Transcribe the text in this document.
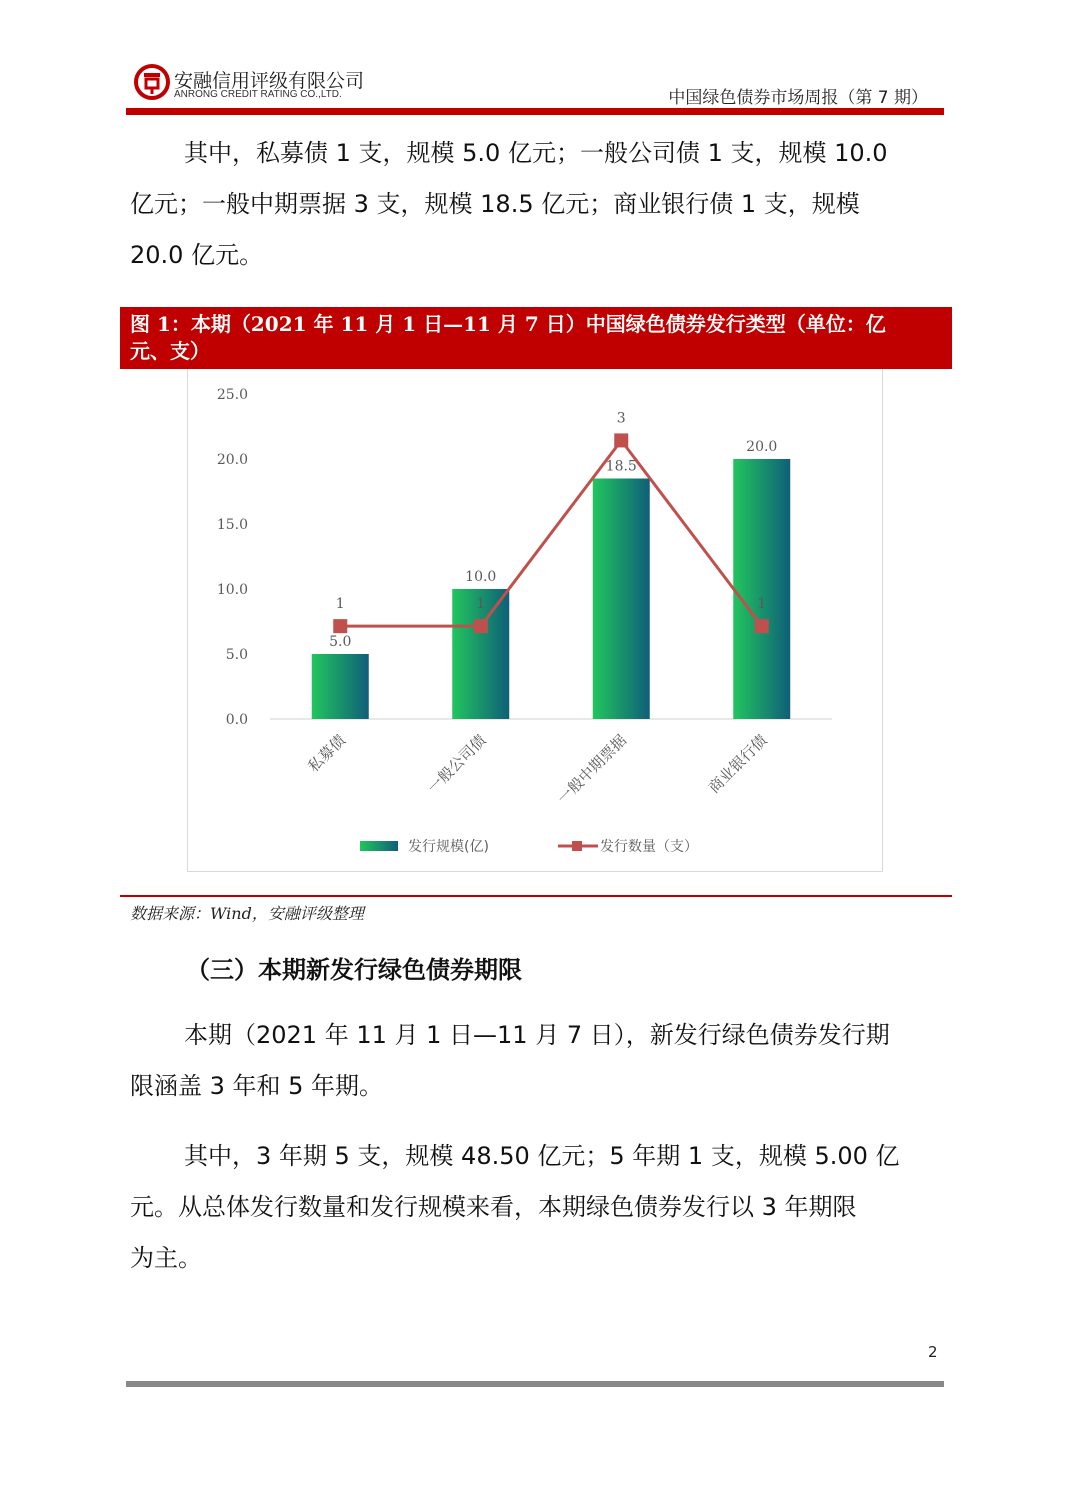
安融信用评级有限公司
ANRONG CREDIT RATING CO.,LTD.	中国绿色债券市场周报（第 7 期）
其中，私募债 1 支，规模 5.0 亿元；一般公司债 1 支，规模 10.0
亿元；一般中期票据 3 支，规模 18.5 亿元；商业银行债 1 支，规模
20.0 亿元。
图 1：本期（2021 年 11 月 1 日—11 月 7 日）中国绿色债券发行类型（单位：亿
元、支）
0.0
5.0
10.0
15.0
20.0
25.0
5.0
10.0
18.5
20.0
1	1
3
1
私募债	一般公司债	一般中期票据	商业银行债
发行规模(亿)	发行数量（支）
数据来源：Wind，安融评级整理
（三）本期新发行绿色债券期限
本期（2021 年 11 月 1 日—11 月 7 日），新发行绿色债券发行期
限涵盖 3 年和 5 年期。
其中，3 年期 5 支，规模 48.50 亿元；5 年期 1 支，规模 5.00 亿
元。从总体发行数量和发行规模来看，本期绿色债券发行以 3 年期限
为主。
2
